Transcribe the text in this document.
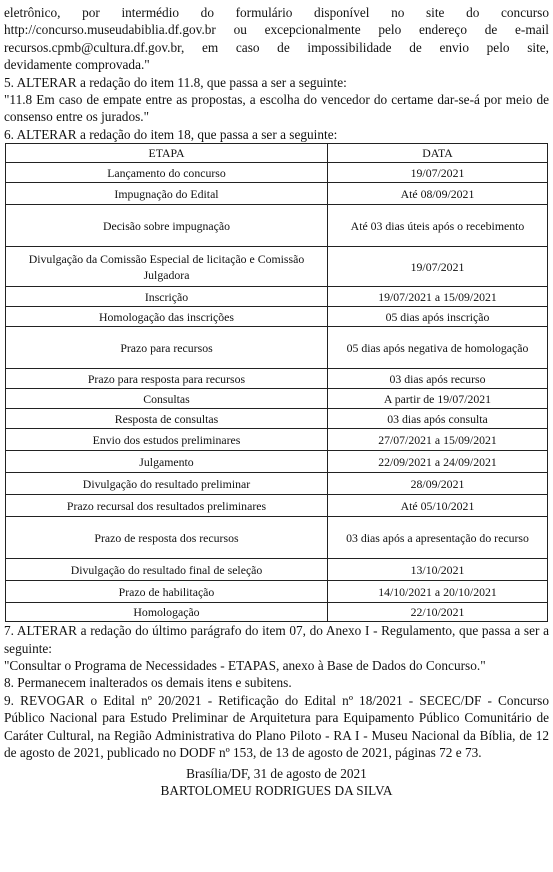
eletrônico, por intermédio do formulário disponível no site do concurso

http://concurso.museudabiblia.df.gov.br ou excepcionalmente pelo endereço de e-mail

recursos.cpmb@cultura.df.gov.br, em caso de impossibilidade de envio pelo site,

devidamente comprovada."

5. ALTERAR a redação do item 11.8, que passa a ser a seguinte:

"11.8 Em caso de empate entre as propostas, a escolha do vencedor do certame dar-se-á por meio de consenso entre os jurados."

6. ALTERAR a redação do item 18, que passa a ser a seguinte:

ETAPA	DATA
Lançamento do concurso	19/07/2021
Impugnação do Edital	Até 08/09/2021
Decisão sobre impugnação	Até 03 dias úteis após o recebimento
Divulgação da Comissão Especial de licitação e Comissão Julgadora	19/07/2021
Inscrição	19/07/2021 a 15/09/2021
Homologação das inscrições	05 dias após inscrição
Prazo para recursos	05 dias após negativa de homologação
Prazo para resposta para recursos	03 dias após recurso
Consultas	A partir de 19/07/2021
Resposta de consultas	03 dias após consulta
Envio dos estudos preliminares	27/07/2021 a 15/09/2021
Julgamento	22/09/2021 a 24/09/2021
Divulgação do resultado preliminar	28/09/2021
Prazo recursal dos resultados preliminares	Até 05/10/2021
Prazo de resposta dos recursos	03 dias após a apresentação do recurso
Divulgação do resultado final de seleção	13/10/2021
Prazo de habilitação	14/10/2021 a 20/10/2021
Homologação	22/10/2021

7. ALTERAR a redação do último parágrafo do item 07, do Anexo I - Regulamento, que passa a ser a seguinte:

"Consultar o Programa de Necessidades - ETAPAS, anexo à Base de Dados do Concurso."

8. Permanecem inalterados os demais itens e subitens.

9. REVOGAR o Edital nº 20/2021 - Retificação do Edital nº 18/2021 - SECEC/DF - Concurso Público Nacional para Estudo Preliminar de Arquitetura para Equipamento Público Comunitário de Caráter Cultural, na Região Administrativa do Plano Piloto - RA I - Museu Nacional da Bíblia, de 12 de agosto de 2021, publicado no DODF nº 153, de 13 de agosto de 2021, páginas 72 e 73.

Brasília/DF, 31 de agosto de 2021

BARTOLOMEU RODRIGUES DA SILVA
